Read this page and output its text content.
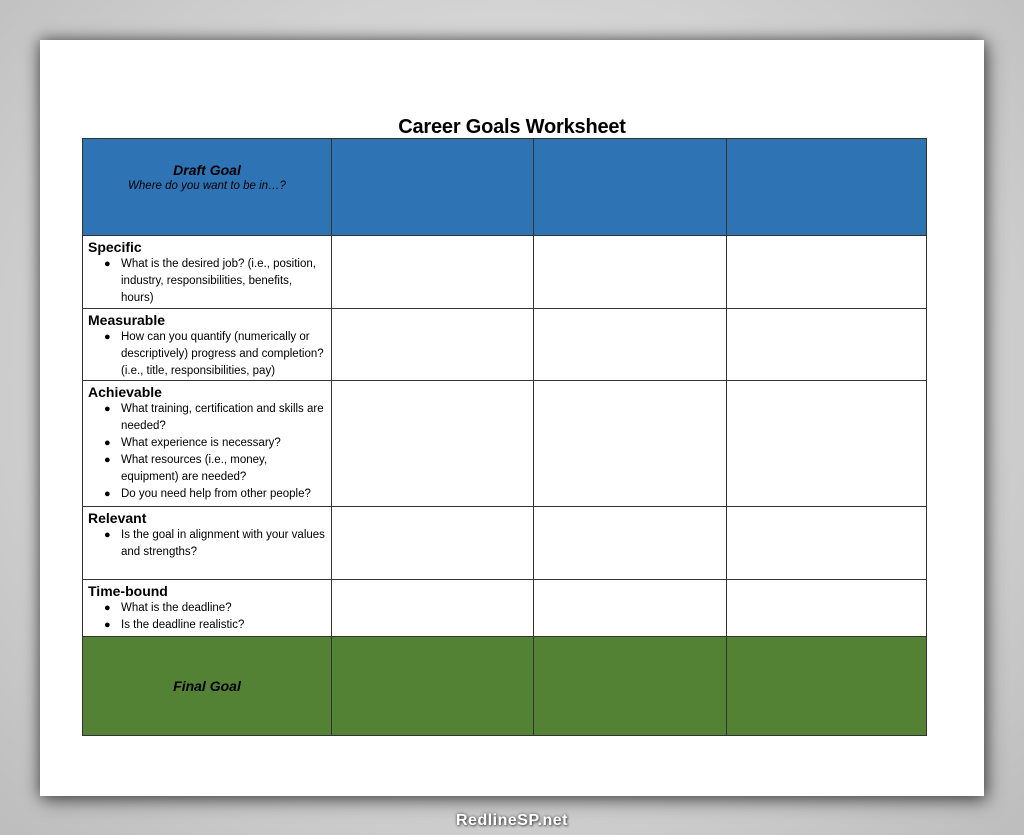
Career Goals Worksheet
Draft Goal
Where do you want to be in…?
Specific
● What is the desired job? (i.e., position, industry, responsibilities, benefits, hours)
Measurable
● How can you quantify (numerically or descriptively) progress and completion? (i.e., title, responsibilities, pay)
Achievable
● What training, certification and skills are needed?
● What experience is necessary?
● What resources (i.e., money, equipment) are needed?
● Do you need help from other people?
Relevant
● Is the goal in alignment with your values and strengths?
Time-bound
● What is the deadline?
● Is the deadline realistic?
Final Goal
RedlineSP.net
